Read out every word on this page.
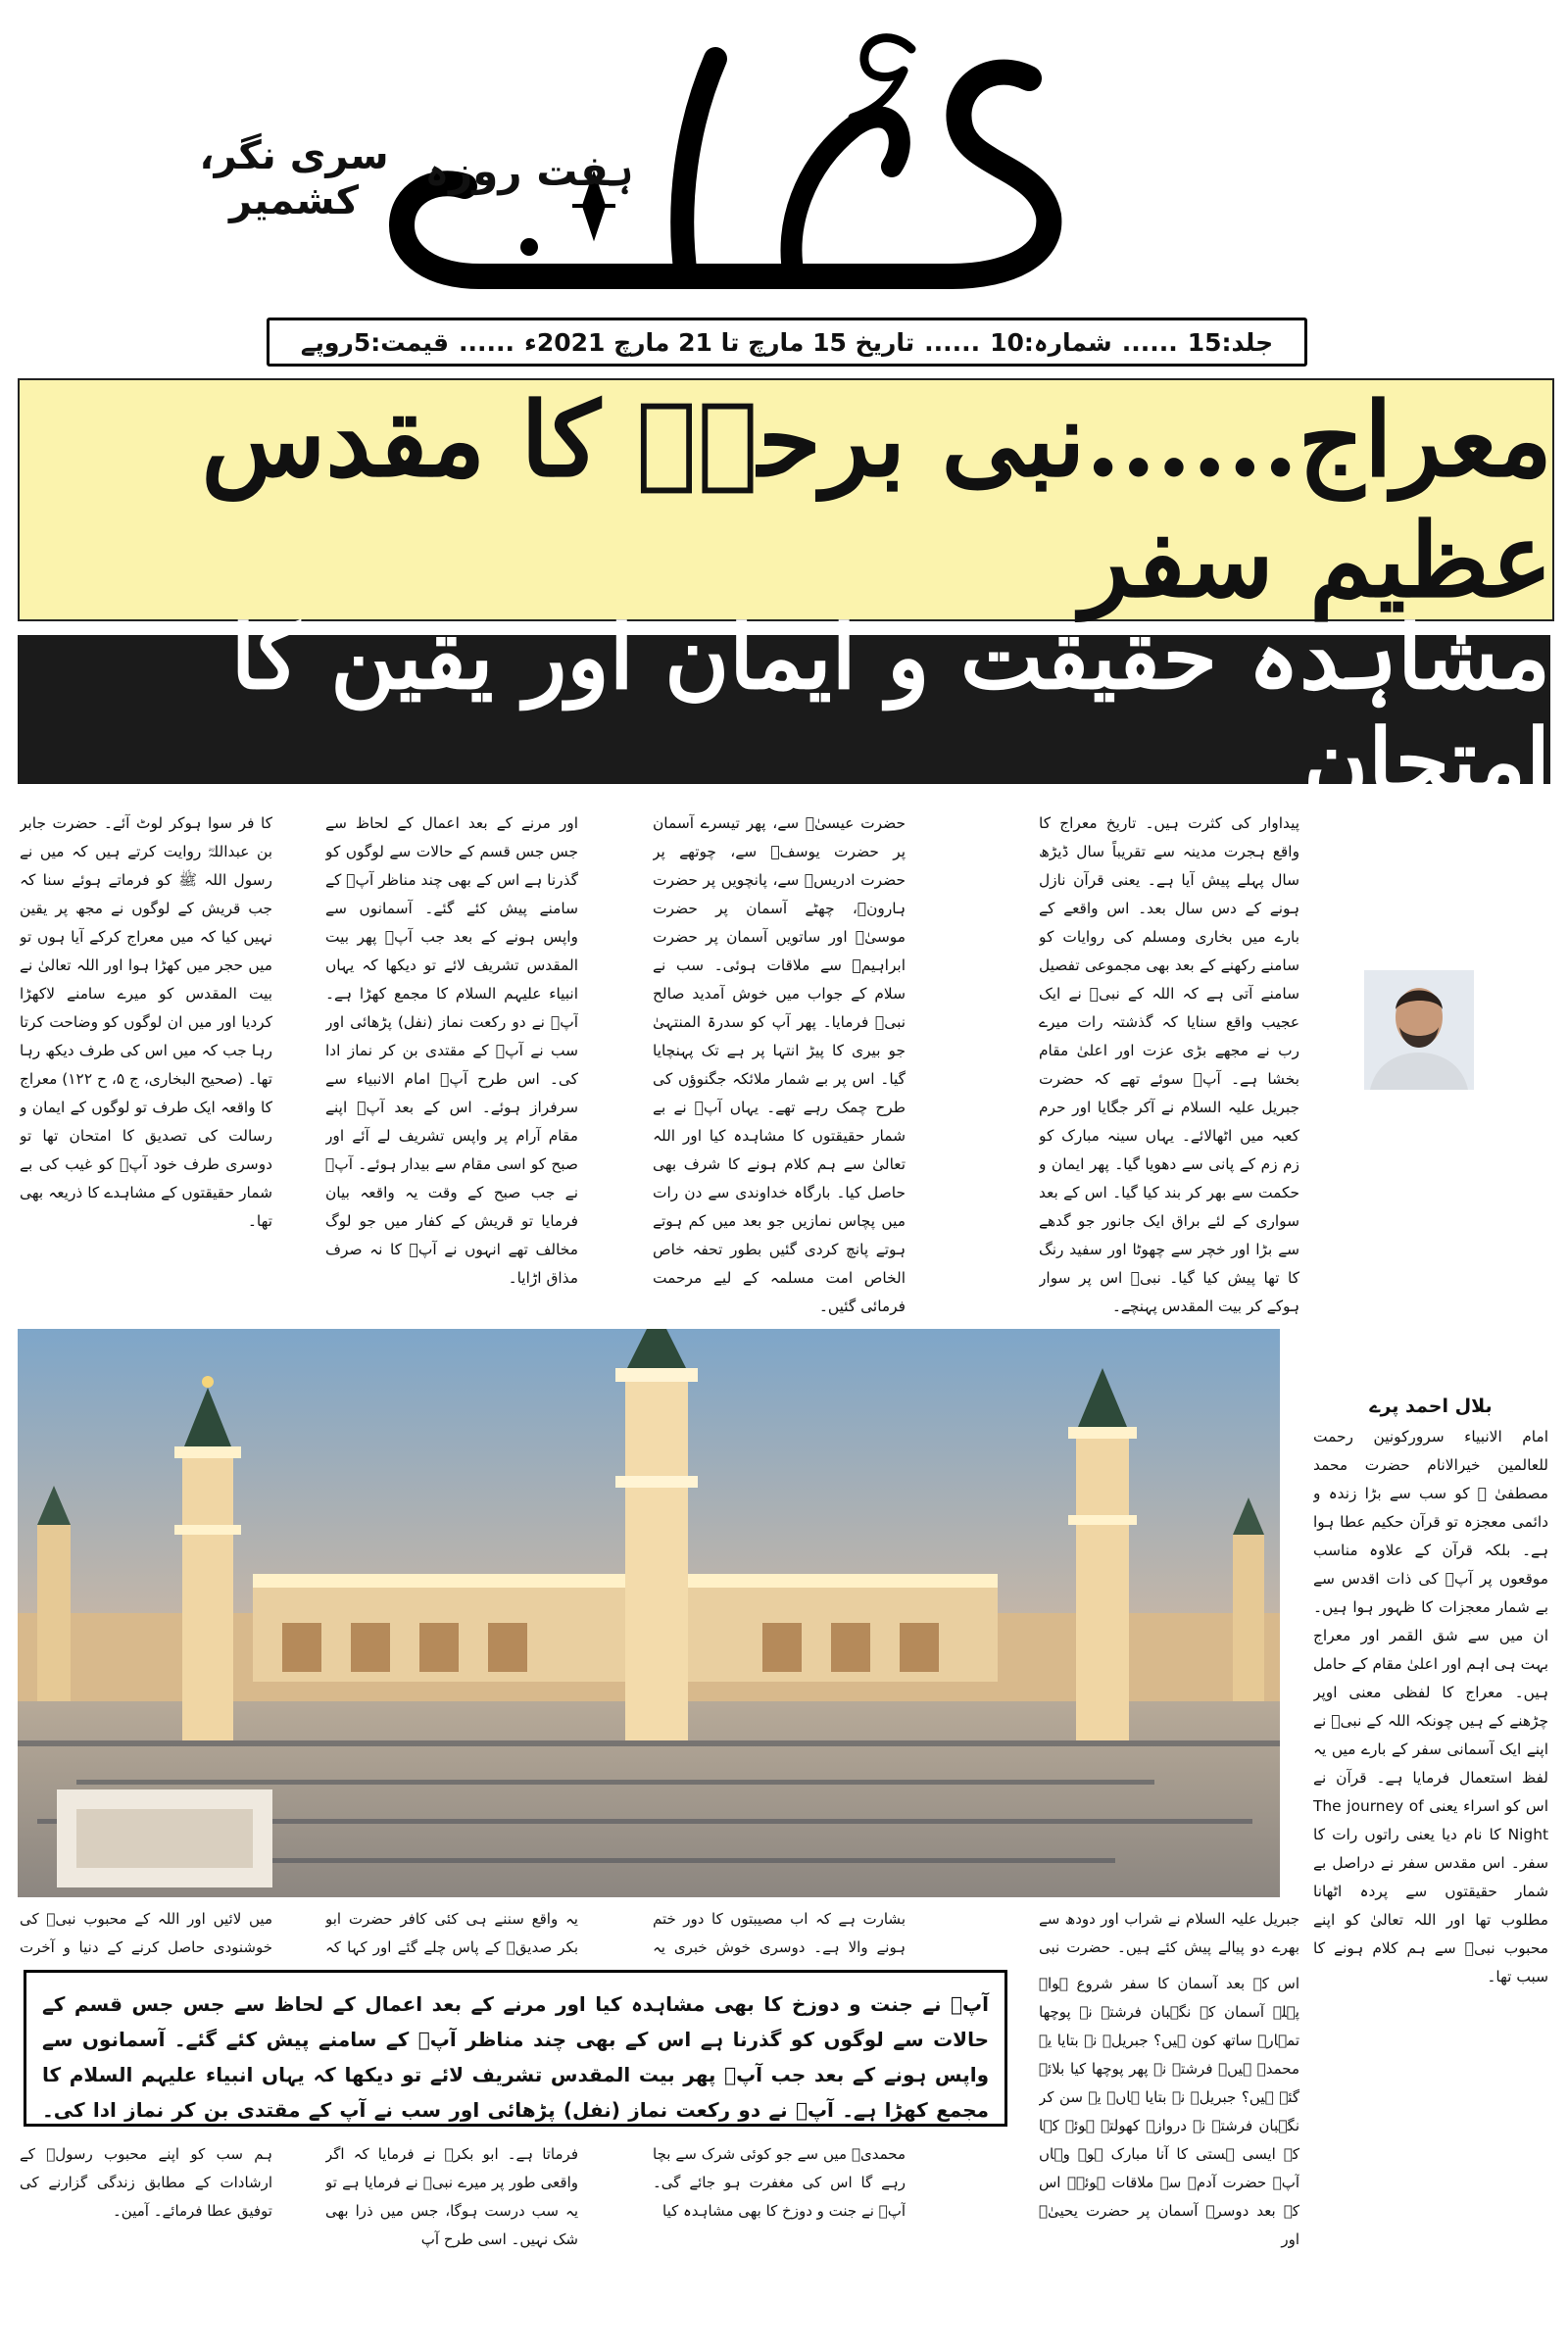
پکار
ہفت روزہ
سری نگر، کشمیر
جلد:15
......
شمارہ:10
......
تاریخ 15 مارچ تا 21 مارچ 2021ء
......
قیمت:5روپے
معراج......نبی برحقؐ کا مقدس عظیم سفر
مشاہدہ حقیقت و ایمان اور یقین کا امتحان
بلال احمد پرے

پیداوار کی کثرت ہیں۔ تاریخ معراج کا واقع ہجرت مدینہ سے تقریباً سال ڈیڑھ سال پہلے پیش آیا ہے۔ یعنی قرآن نازل ہونے کے دس سال بعد۔ اس واقعے کے بارے میں بخاری ومسلم کی روایات کو سامنے رکھنے کے بعد بھی مجموعی تفصیل سامنے آتی ہے کہ اللہ کے نبیؐ نے ایک عجیب واقع سنایا کہ گذشتہ رات میرے رب نے مجھے بڑی عزت اور اعلیٰ مقام بخشا ہے۔ آپؐ سوئے تھے کہ حضرت جبریل علیہ السلام نے آکر جگایا اور حرم کعبہ میں اٹھالائے۔ یہاں سینہ مبارک کو زم زم کے پانی سے دھویا گیا۔ پھر ایمان و حکمت سے بھر کر بند کیا گیا۔ اس کے بعد سواری کے لئے براق ایک جانور جو گدھے سے بڑا اور خچر سے چھوٹا اور سفید رنگ کا تھا پیش کیا گیا۔ نبیؐ اس پر سوار ہوکے کر بیت المقدس پہنچے۔

امام الانبیاء سرورکونین رحمت للعالمین خیرالانام حضرت محمد مصطفیٰ ﷺ کو سب سے بڑا زندہ و دائمی معجزہ تو قرآن حکیم عطا ہوا ہے۔ بلکہ قرآن کے علاوہ مناسب موقعوں پر آپؐ کی ذات اقدس سے بے شمار معجزات کا ظہور ہوا ہیں۔ ان میں سے شق القمر اور معراج بہت ہی اہم اور اعلیٰ مقام کے حامل ہیں۔ معراج کا لفظی معنی اوپر چڑھنے کے ہیں چونکہ اللہ کے نبیؐ نے اپنے ایک آسمانی سفر کے بارے میں یہ لفظ استعمال فرمایا ہے۔ قرآن نے اس کو اسراء یعنی The journey of Night کا نام دیا یعنی راتوں رات کا سفر۔ اس مقدس سفر نے دراصل بے شمار حقیقتوں سے پردہ اٹھانا مطلوب تھا اور اللہ تعالیٰ کو اپنے محبوب نبیؐ سے ہم کلام ہونے کا سبب تھا۔

حضرت عیسیٰؑ سے، پھر تیسرے آسمان پر حضرت یوسفؑ سے، چوتھے پر حضرت ادریسؑ سے، پانچویں پر حضرت ہارونؑ، چھٹے آسمان پر حضرت موسیٰؑ اور ساتویں آسمان پر حضرت ابراہیمؑ سے ملاقات ہوئی۔ سب نے سلام کے جواب میں خوش آمدید صالح نبیؐ فرمایا۔ پھر آپ کو سدرۃ المنتہیٰ جو بیری کا پیڑ انتہا پر ہے تک پہنچایا گیا۔ اس پر بے شمار ملائکہ جگنوؤں کی طرح چمک رہے تھے۔ یہاں آپؐ نے بے شمار حقیقتوں کا مشاہدہ کیا اور اللہ تعالیٰ سے ہم کلام ہونے کا شرف بھی حاصل کیا۔ بارگاہ خداوندی سے دن رات میں پچاس نمازیں جو بعد میں کم ہوتے ہوتے پانچ کردی گئیں بطور تحفہ خاص الخاص امت مسلمہ کے لیے مرحمت فرمائی گئیں۔

اور مرنے کے بعد اعمال کے لحاظ سے جس جس قسم کے حالات سے لوگوں کو گذرنا ہے اس کے بھی چند مناظر آپؐ کے سامنے پیش کئے گئے۔ آسمانوں سے واپس ہونے کے بعد جب آپؐ پھر بیت المقدس تشریف لائے تو دیکھا کہ یہاں انبیاء علیہم السلام کا مجمع کھڑا ہے۔ آپؐ نے دو رکعت نماز (نفل) پڑھائی اور سب نے آپؐ کے مقتدی بن کر نماز ادا کی۔ اس طرح آپؐ امام الانبیاء سے سرفراز ہوئے۔ اس کے بعد آپؐ اپنے مقام آرام پر واپس تشریف لے آئے اور صبح کو اسی مقام سے بیدار ہوئے۔ آپؐ نے جب صبح کے وقت یہ واقعہ بیان فرمایا تو قریش کے کفار میں جو لوگ مخالف تھے انہوں نے آپؐ کا نہ صرف مذاق اڑایا۔

کا فر سوا ہوکر لوٹ آئے۔ حضرت جابر بن عبداللہؓ روایت کرتے ہیں کہ میں نے رسول اللہ ﷺ کو فرماتے ہوئے سنا کہ جب قریش کے لوگوں نے مجھ پر یقین نہیں کیا کہ میں معراج کرکے آیا ہوں تو میں حجر میں کھڑا ہوا اور اللہ تعالیٰ نے بیت المقدس کو میرے سامنے لاکھڑا کردیا اور میں ان لوگوں کو وضاحت کرتا رہا جب کہ میں اس کی طرف دیکھ رہا تھا۔ (صحیح البخاری، ج ۵، ح ۱۲۲) معراج کا واقعہ ایک طرف تو لوگوں کے ایمان و رسالت کی تصدیق کا امتحان تھا تو دوسری طرف خود آپؐ کو غیب کی بے شمار حقیقتوں کے مشاہدے کا ذریعہ بھی تھا۔

جبریل علیہ السلام نے شراب اور دودھ سے بھرے دو پیالے پیش کئے ہیں۔ حضرت نبی
بشارت ہے کہ اب مصیبتوں کا دور ختم ہونے والا ہے۔ دوسری خوش خبری یہ
یہ واقع سننے ہی کئی کافر حضرت ابو بکر صدیقؓ کے پاس چلے گئے اور کہا کہ
میں لائیں اور اللہ کے محبوب نبیؐ کی خوشنودی حاصل کرنے کے دنیا و آخرت
آپؐ نے جنت و دوزخ کا بھی مشاہدہ کیا اور مرنے کے بعد اعمال کے لحاظ سے جس جس قسم کے حالات سے لوگوں کو گذرنا ہے اس کے بھی چند مناظر آپؐ کے سامنے پیش کئے گئے۔ آسمانوں سے واپس ہونے کے بعد جب آپؐ پھر بیت المقدس تشریف لائے تو دیکھا کہ یہاں انبیاء علیہم السلام کا مجمع کھڑا ہے۔ آپؐ نے دو رکعت نماز (نفل) پڑھائی اور سب نے آپ کے مقتدی بن کر نماز ادا کی۔
اس کے بعد آسمان کا سفر شروع ہوا۔ پہلے آسمان کے نگہبان فرشتے نے پوچھا تمہارے ساتھ کون ہیں؟ جبریلؑ نے بتایا یہ محمدؐ ہیں۔ فرشتے نے پھر پوچھا کیا بلائے گئے ہیں؟ جبریلؑ نے بتایا ہاں۔ یہ سن کر نگہبان فرشتے نے دروازہ کھولتے ہوئے کہا کہ ایسی ہستی کا آنا مبارک ہو۔ وہاں آپؐ حضرت آدمؑ سے ملاقات ہوئے۔ اس کے بعد دوسرے آسمان پر حضرت یحییٰؑ اور
محمدیؐ میں سے جو کوئی شرک سے بچا رہے گا اس کی مغفرت ہو جائے گی۔ آپؐ نے جنت و دوزخ کا بھی مشاہدہ کیا
فرماتا ہے۔ ابو بکرؓ نے فرمایا کہ اگر واقعی طور پر میرے نبیؐ نے فرمایا ہے تو یہ سب درست ہوگا، جس میں ذرا بھی شک نہیں۔ اسی طرح آپ
ہم سب کو اپنے محبوب رسولؐ کے ارشادات کے مطابق زندگی گزارنے کی توفیق عطا فرمائے۔ آمین۔
